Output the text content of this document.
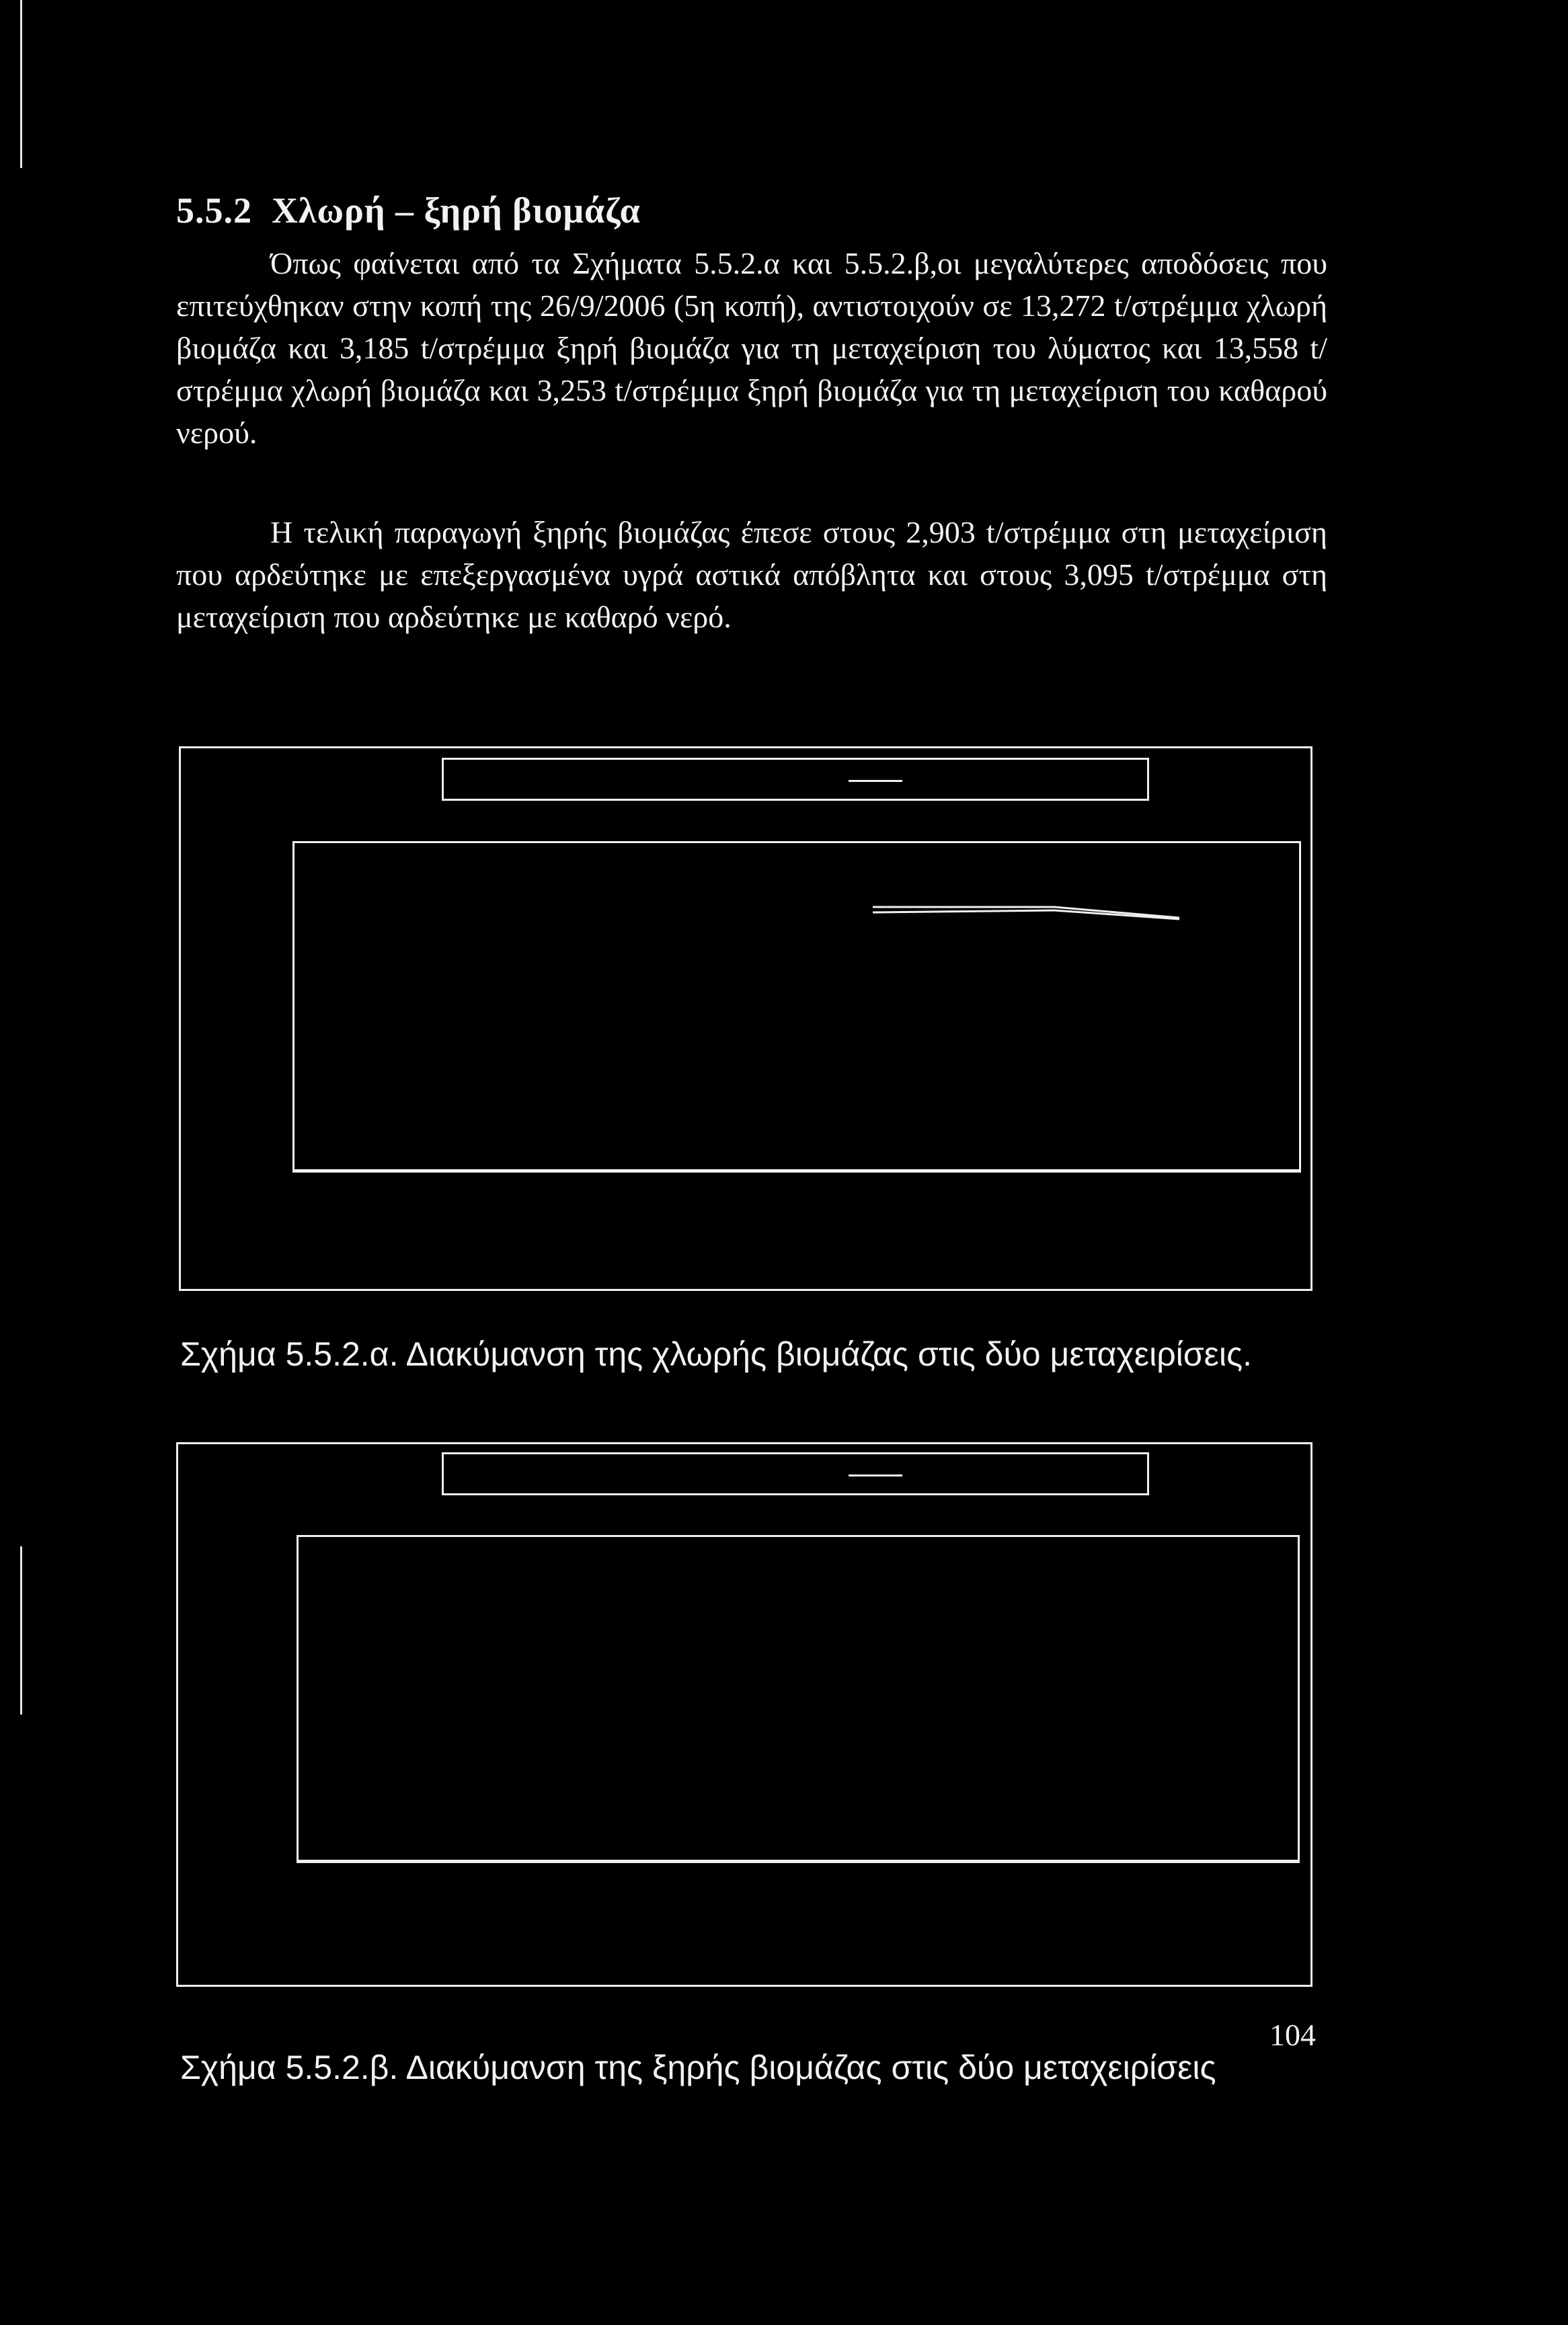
5.5.2 Χλωρή – ξηρή βιομάζα
Όπως φαίνεται από τα Σχήματα 5.5.2.α και 5.5.2.β,οι μεγαλύτερες αποδόσεις που επιτεύχθηκαν στην κοπή της 26/9/2006 (5η κοπή), αντιστοιχούν σε 13,272 t/στρέμμα χλωρή βιομάζα και 3,185 t/στρέμμα ξηρή βιομάζα για τη μεταχείριση του λύματος και 13,558 t/στρέμμα χλωρή βιομάζα και 3,253 t/στρέμμα ξηρή βιομάζα για τη μεταχείριση του καθαρού νερού.
Η τελική παραγωγή ξηρής βιομάζας έπεσε στους 2,903 t/στρέμμα στη μεταχείριση που αρδεύτηκε με επεξεργασμένα υγρά αστικά απόβλητα και στους 3,095 t/στρέμμα στη μεταχείριση που αρδεύτηκε με καθαρό νερό.
Σχήμα 5.5.2.α. Διακύμανση της χλωρής βιομάζας στις δύο μεταχειρίσεις.
Σχήμα 5.5.2.β. Διακύμανση της ξηρής βιομάζας στις δύο μεταχειρίσεις
104
